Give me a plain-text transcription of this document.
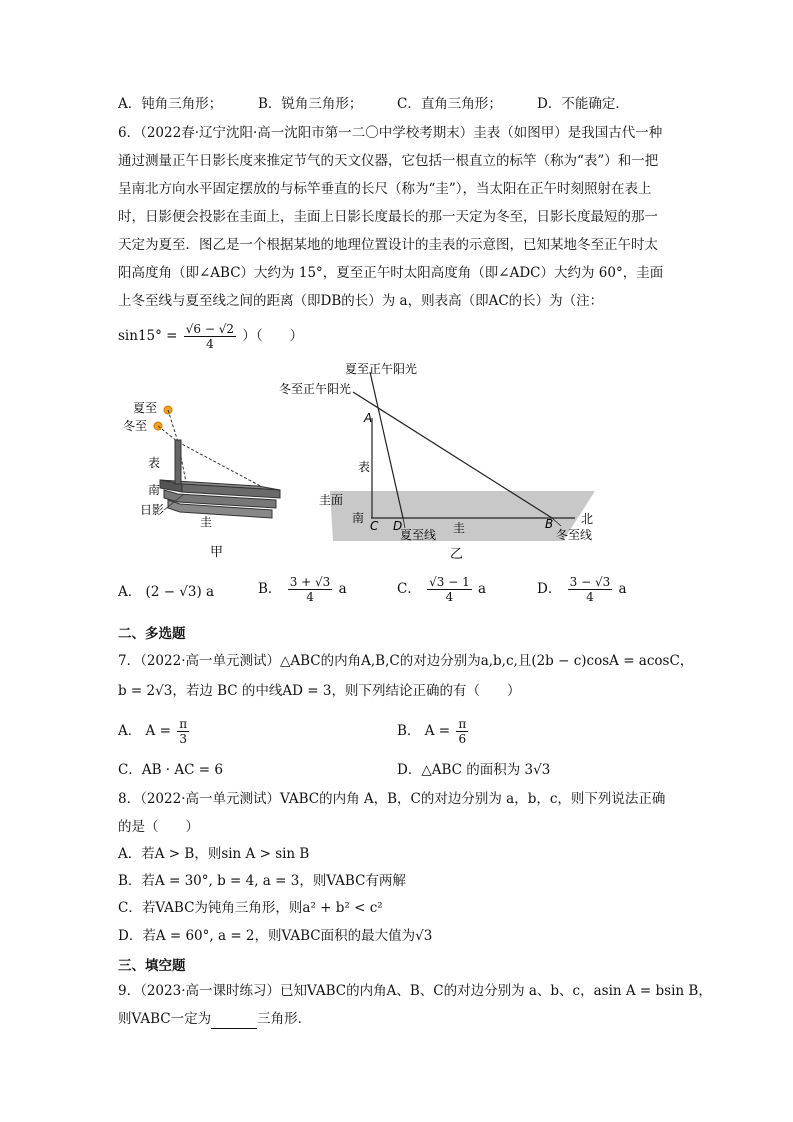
A．钝角三角形；	B．锐角三角形；	C．直角三角形；	D．不能确定．
6．（2022春·辽宁沈阳·高一沈阳市第一二〇中学校考期末）圭表（如图甲）是我国古代一种
通过测量正午日影长度来推定节气的天文仪器，它包括一根直立的标竿（称为“表”）和一把
呈南北方向水平固定摆放的与标竿垂直的长尺（称为“圭”），当太阳在正午时刻照射在表上
时，日影便会投影在圭面上，圭面上日影长度最长的那一天定为冬至，日影长度最短的那一
天定为夏至．图乙是一个根据某地的地理位置设计的圭表的示意图，已知某地冬至正午时太
阳高度角（即∠ABC）大约为 15°，夏至正午时太阳高度角（即∠ADC）大约为 60°，圭面
上冬至线与夏至线之间的距离（即DB的长）为 a，则表高（即AC的长）为（注：
$\sin 15^\circ = \frac{√6 - √2}{4}$ ）（　　）
夏至
冬至
表
南
日影
圭
甲
圭面
夏至正午阳光
冬至正午阳光
A
表
南
C D	圭	B 北
夏至线	冬至线
乙
A． (2 − √3) a	B． $\frac{3 + √3}{4}$ a	C． $\frac{√3 - 1}{4}$ a	D． $\frac{3 - √3}{4}$ a
二、多选题
7．（2022·高一单元测试）△ABC的内角A,B,C的对边分别为a,b,c,且(2b − c)cosA = acosC，
b = 2√3，若边 BC 的中线AD = 3，则下列结论正确的有（　　）
A． $A = \frac{\pi}{3}$	B． $A = \frac{\pi}{6}$
C．AB · AC = 6	D．△ABC 的面积为 3√3
8．（2022·高一单元测试）VABC的内角 A，B，C的对边分别为 a，b，c，则下列说法正确
的是（　　）
A．若A > B，则sin A > sin B
B．若A = 30°, b = 4, a = 3，则VABC有两解
C．若VABC为钝角三角形，则a² + b² < c²
D．若A = 60°, a = 2，则VABC面积的最大值为√3
三、填空题
9．（2023·高一课时练习）已知VABC的内角A、B、C的对边分别为 a、b、c，asin A = bsin B，
则VABC一定为	三角形．
